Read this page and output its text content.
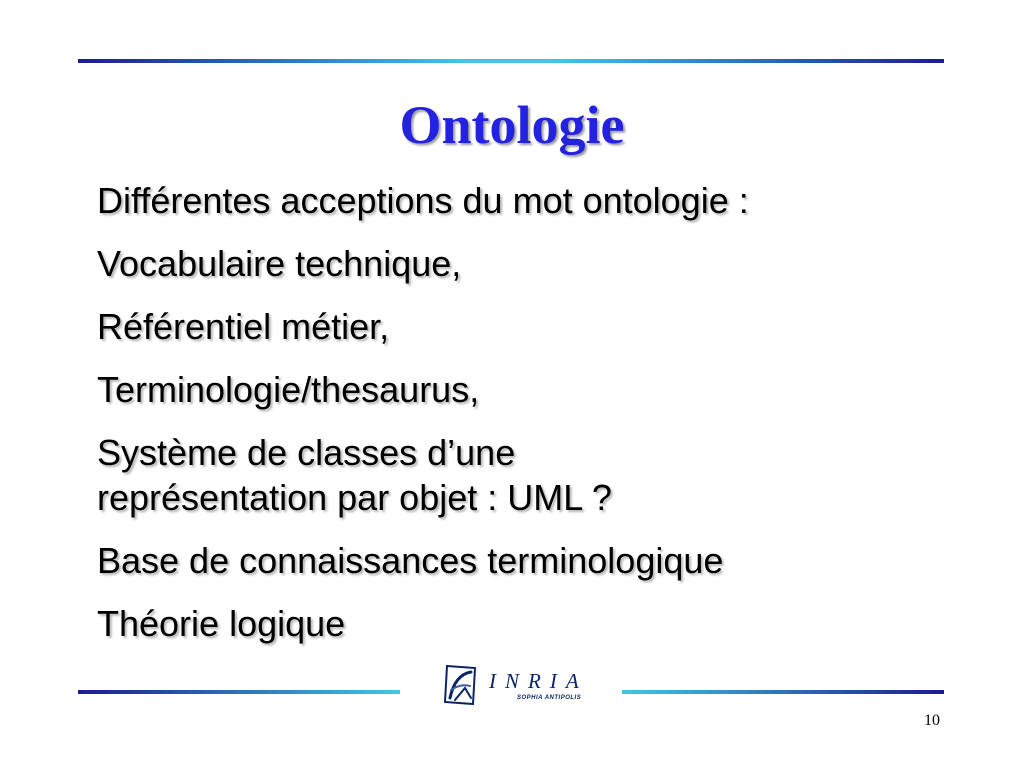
Ontologie
Différentes acceptions du mot ontologie :
Vocabulaire technique,
Référentiel métier,
Terminologie/thesaurus,
Système de classes d’une
représentation par objet : UML ?
Base de connaissances terminologique
Théorie logique
INRIA
SOPHIA ANTIPOLIS
10
